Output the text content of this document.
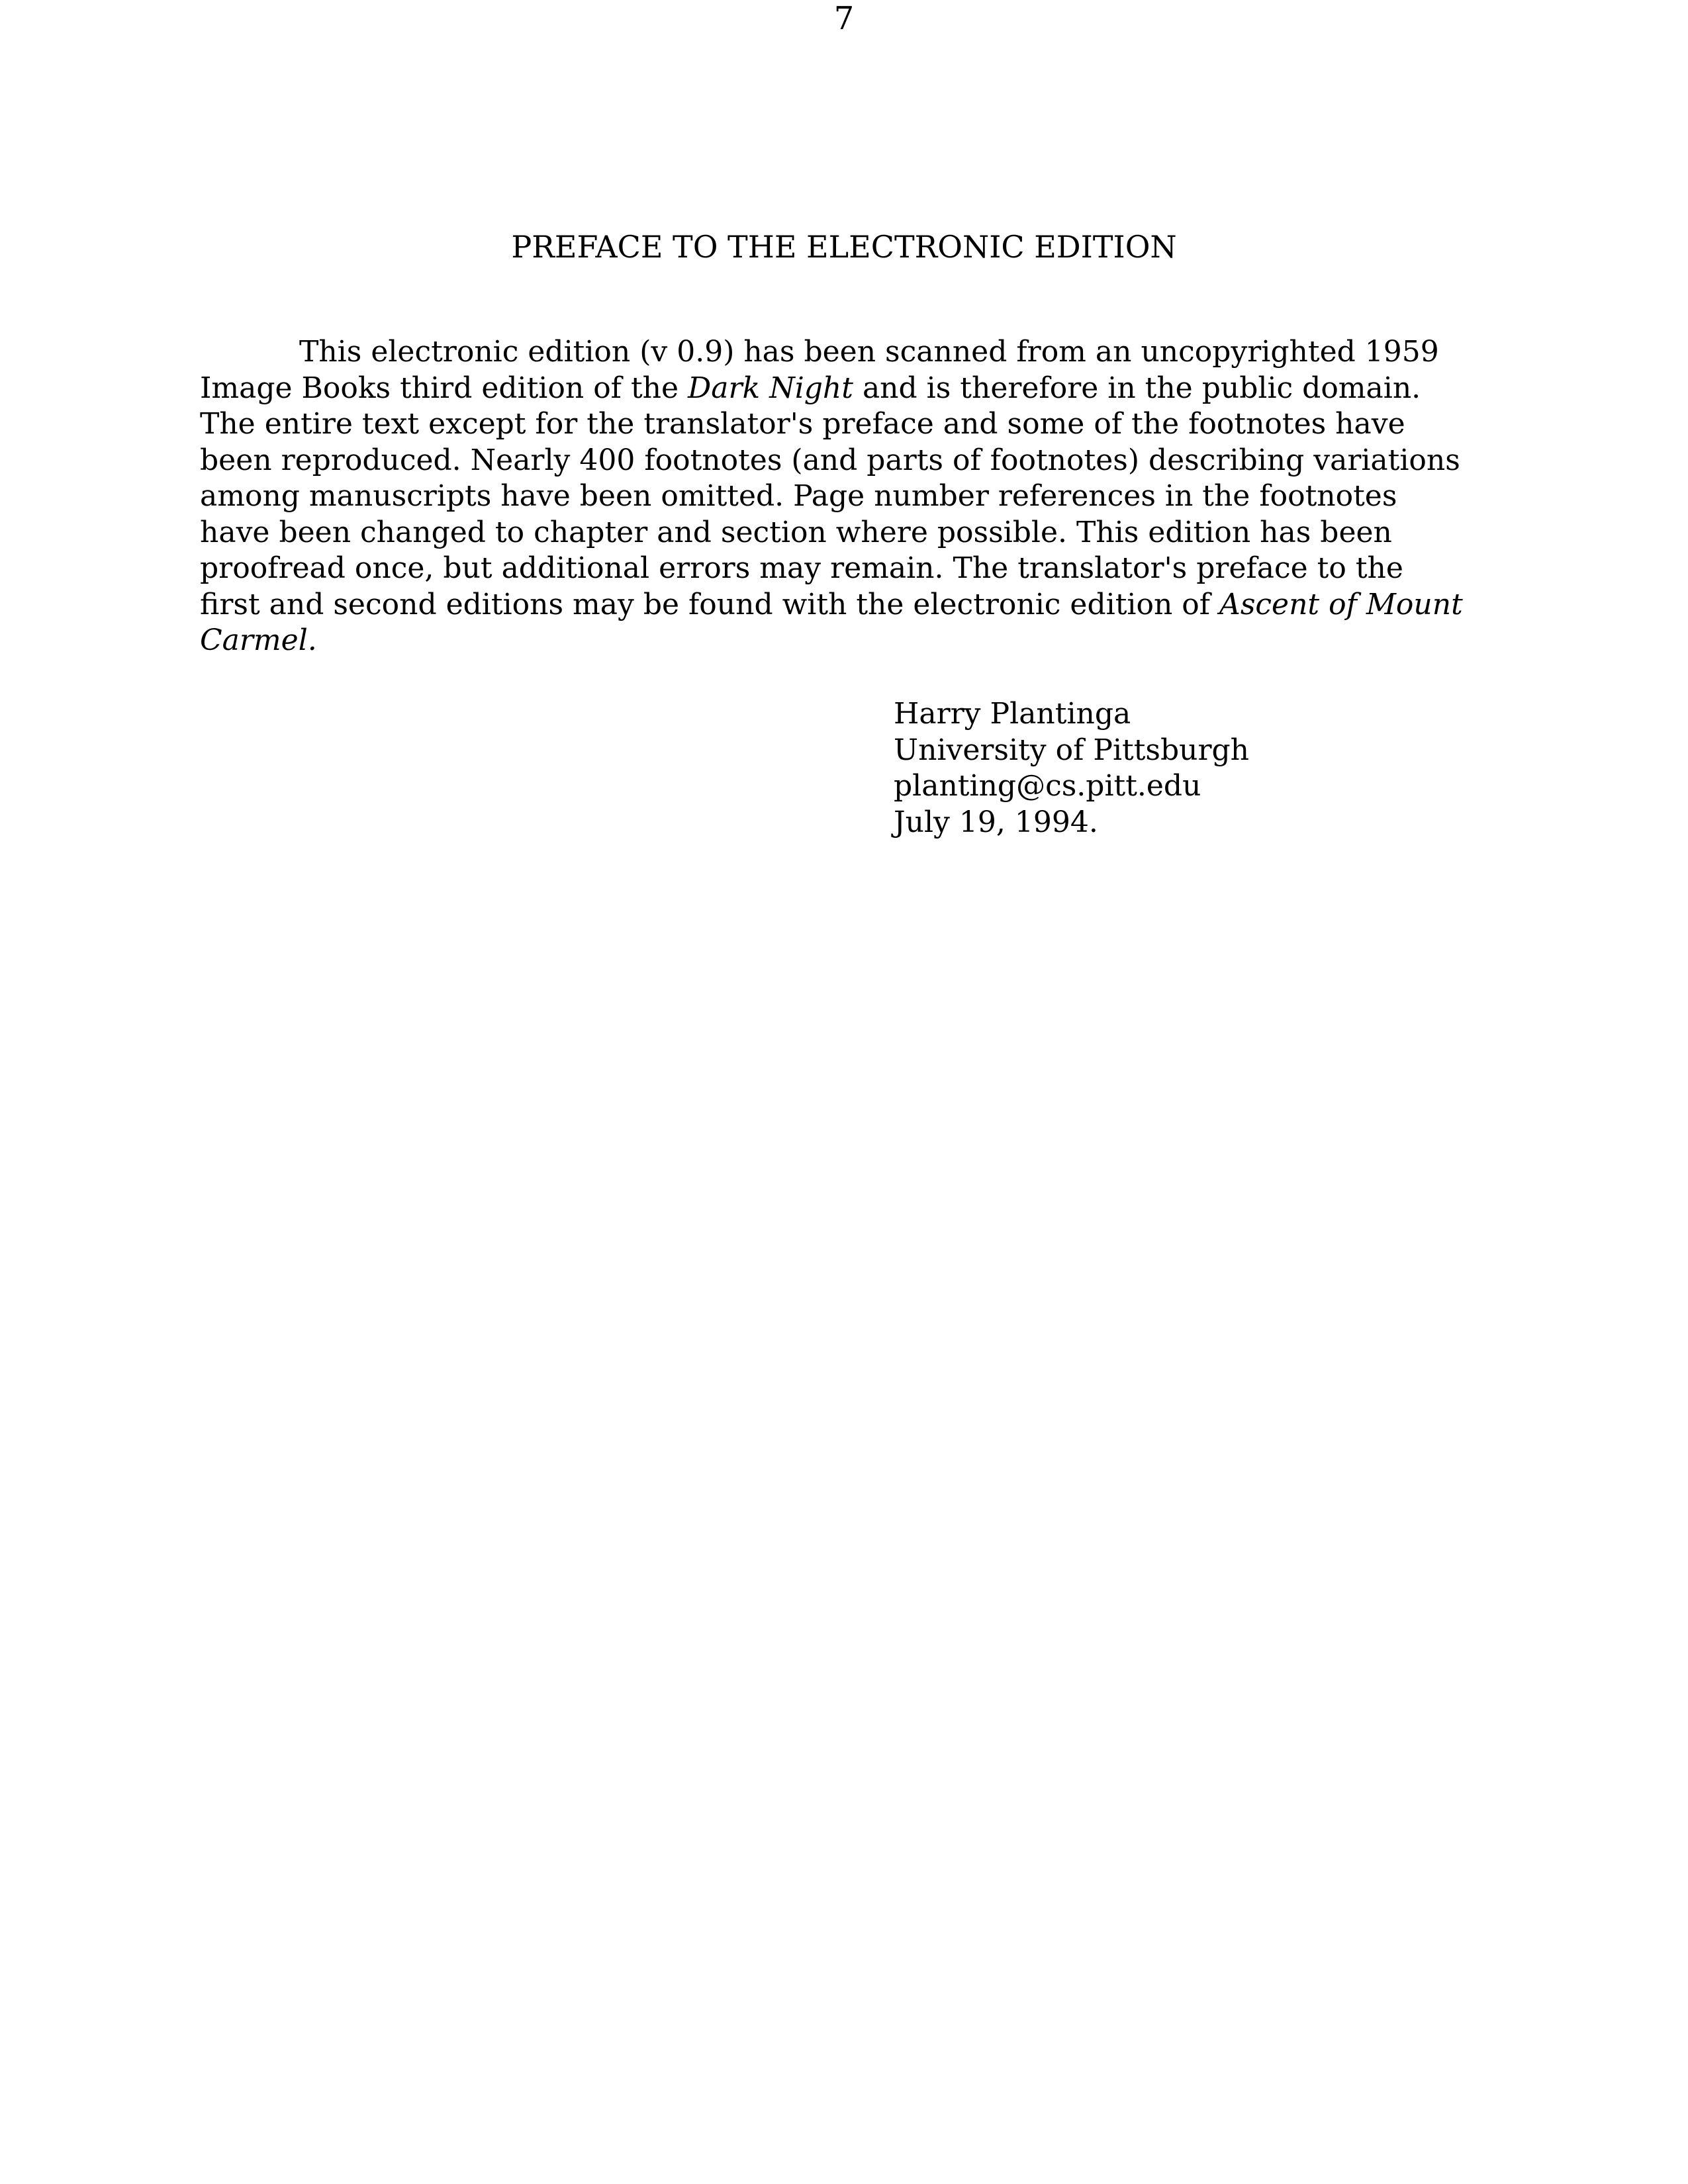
7
PREFACE TO THE ELECTRONIC EDITION
This electronic edition (v 0.9) has been scanned from an uncopyrighted 1959
Image Books third edition of the Dark Night and is therefore in the public domain.
The entire text except for the translator's preface and some of the footnotes have
been reproduced. Nearly 400 footnotes (and parts of footnotes) describing variations
among manuscripts have been omitted. Page number references in the footnotes
have been changed to chapter and section where possible. This edition has been
proofread once, but additional errors may remain. The translator's preface to the
first and second editions may be found with the electronic edition of Ascent of Mount
Carmel.
Harry Plantinga
University of Pittsburgh
planting@cs.pitt.edu
July 19, 1994.
